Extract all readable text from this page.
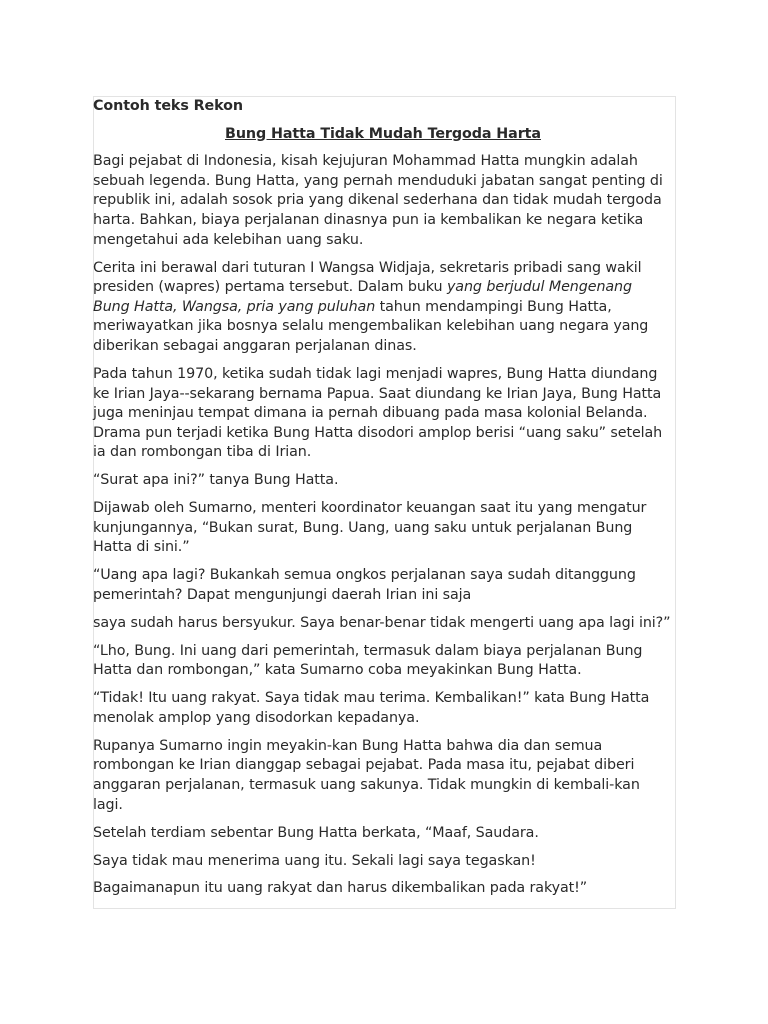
Contoh teks Rekon

Bung Hatta Tidak Mudah Tergoda Harta

Bagi pejabat di Indonesia, kisah kejujuran Mohammad Hatta mungkin adalah sebuah legenda. Bung Hatta, yang pernah menduduki jabatan sangat penting di republik ini, adalah sosok pria yang dikenal sederhana dan tidak mudah tergoda harta. Bahkan, biaya perjalanan dinasnya pun ia kembalikan ke negara ketika mengetahui ada kelebihan uang saku.

Cerita ini berawal dari tuturan I Wangsa Widjaja, sekretaris pribadi sang wakil presiden (wapres) pertama tersebut. Dalam buku yang berjudul Mengenang Bung Hatta, Wangsa, pria yang puluhan tahun mendampingi Bung Hatta, meriwayatkan jika bosnya selalu mengembalikan kelebihan uang negara yang diberikan sebagai anggaran perjalanan dinas.

Pada tahun 1970, ketika sudah tidak lagi menjadi wapres, Bung Hatta diundang ke Irian Jaya--sekarang bernama Papua. Saat diundang ke Irian Jaya, Bung Hatta juga meninjau tempat dimana ia pernah dibuang pada masa kolonial Belanda. Drama pun terjadi ketika Bung Hatta disodori amplop berisi “uang saku” setelah ia dan rombongan tiba di Irian.

“Surat apa ini?” tanya Bung Hatta.

Dijawab oleh Sumarno, menteri koordinator keuangan saat itu yang mengatur kunjungannya, “Bukan surat, Bung. Uang, uang saku untuk perjalanan Bung Hatta di sini.”

“Uang apa lagi? Bukankah semua ongkos perjalanan saya sudah ditanggung pemerintah? Dapat mengunjungi daerah Irian ini saja

saya sudah harus bersyukur. Saya benar-benar tidak mengerti uang apa lagi ini?”

“Lho, Bung. Ini uang dari pemerintah, termasuk dalam biaya perjalanan Bung Hatta dan rombongan,” kata Sumarno coba meyakinkan Bung Hatta.

“Tidak! Itu uang rakyat. Saya tidak mau terima. Kembalikan!” kata Bung Hatta menolak amplop yang disodorkan kepadanya.

Rupanya Sumarno ingin meyakin-kan Bung Hatta bahwa dia dan semua rombongan ke Irian dianggap sebagai pejabat. Pada masa itu, pejabat diberi anggaran perjalanan, termasuk uang sakunya. Tidak mungkin di kembali-kan lagi.

Setelah terdiam sebentar Bung Hatta berkata, “Maaf, Saudara.

Saya tidak mau menerima uang itu. Sekali lagi saya tegaskan!

Bagaimanapun itu uang rakyat dan harus dikembalikan pada rakyat!”
